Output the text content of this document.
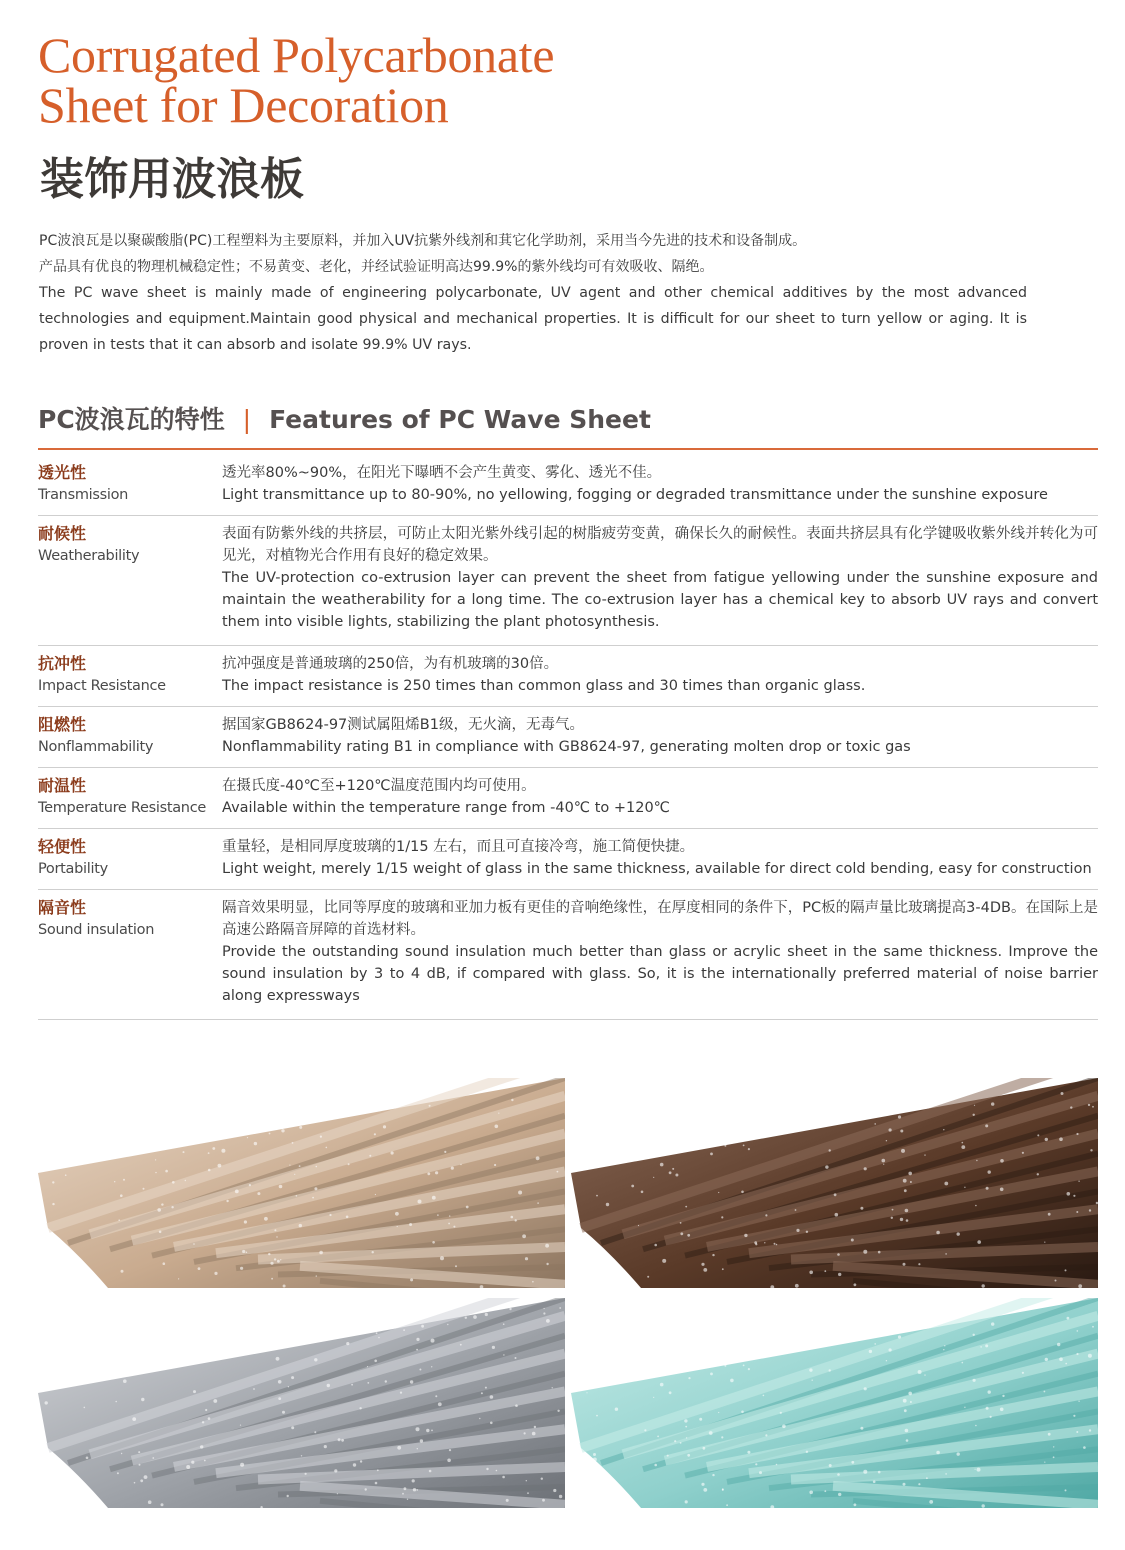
Corrugated Polycarbonate
Sheet for Decoration
装饰用波浪板

PC波浪瓦是以聚碳酸脂(PC)工程塑料为主要原料，并加入UV抗紫外线剂和萁它化学助剂，采用当今先进的技术和设备制成。

产品具有优良的物理机械稳定性；不易黄变、老化，并经试验证明高达99.9%的紫外线均可有效吸收、隔绝。

The PC wave sheet is mainly made of engineering polycarbonate, UV agent and other chemical additives by the most advanced technologies and equipment.Maintain good physical and mechanical properties. It is difficult for our sheet to turn yellow or aging. It is proven in tests that it can absorb and isolate 99.9% UV rays.

PC波浪瓦的特性 | Features of PC Wave Sheet
透光性
Transmission

透光率80%~90%，在阳光下曝晒不会产生黄变、雾化、透光不佳。

Light transmittance up to 80-90%, no yellowing, fogging or degraded transmittance under the sunshine exposure

耐候性
Weatherability

表面有防紫外线的共挤层，可防止太阳光紫外线引起的树脂疲劳变黄，确保长久的耐候性。表面共挤层具有化学键吸收紫外线并转化为可见光，对植物光合作用有良好的稳定效果。

The UV-protection co-extrusion layer can prevent the sheet from fatigue yellowing under the sunshine exposure and maintain the weatherability for a long time. The co-extrusion layer has a chemical key to absorb UV rays and convert them into visible lights, stabilizing the plant photosynthesis.

抗冲性
Impact Resistance

抗冲强度是普通玻璃的250倍，为有机玻璃的30倍。

The impact resistance is 250 times than common glass and 30 times than organic glass.

阻燃性
Nonflammability

据国家GB8624-97测试属阻烯B1级，无火滴，无毒气。

Nonflammability rating B1 in compliance with GB8624-97, generating molten drop or toxic gas

耐温性
Temperature Resistance

在摄氏度-40℃至+120℃温度范围内均可使用。

Available within the temperature range from -40℃ to +120℃

轻便性
Portability

重量轻，是相同厚度玻璃的1/15 左右，而且可直接冷弯，施工简便快捷。

Light weight, merely 1/15 weight of glass in the same thickness, available for direct cold bending, easy for construction

隔音性
Sound insulation

隔音效果明显，比同等厚度的玻璃和亚加力板有更佳的音响绝缘性，在厚度相同的条件下，PC板的隔声量比玻璃提高3-4DB。在国际上是高速公路隔音屏障的首选材料。

Provide the outstanding sound insulation much better than glass or acrylic sheet in the same thickness. Improve the sound insulation by 3 to 4 dB, if compared with glass. So, it is the internationally preferred material of noise barrier along expressways
